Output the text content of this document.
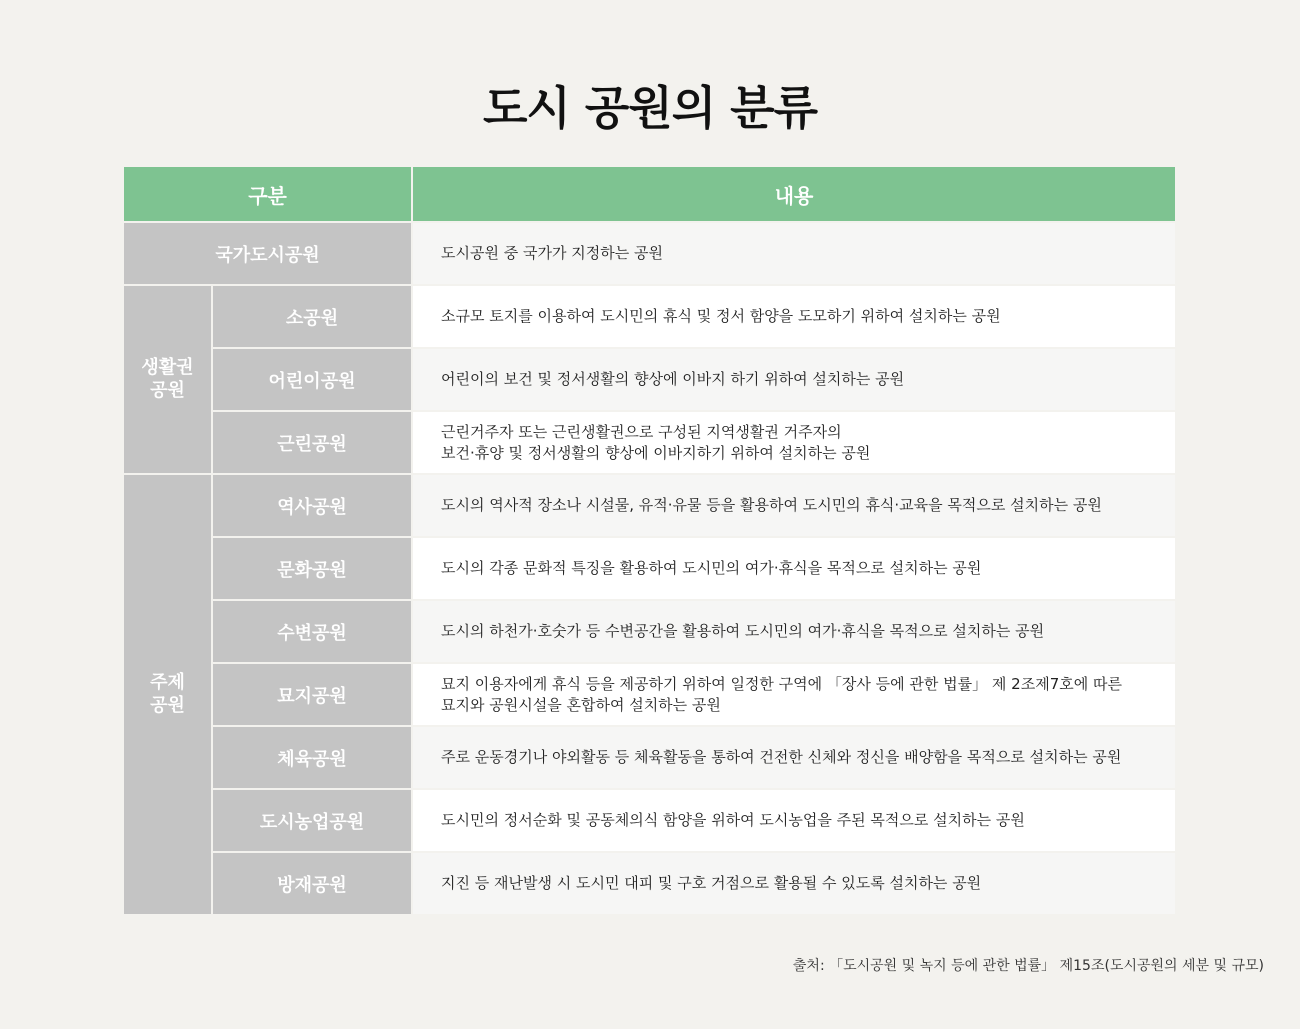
도시 공원의 분류
구분		내용
국가도시공원		도시공원 중 국가가 지정하는 공원
생활권
공원	소공원	소규모 토지를 이용하여 도시민의 휴식 및 정서 함양을 도모하기 위하여 설치하는 공원
	어린이공원	어린이의 보건 및 정서생활의 향상에 이바지 하기 위하여 설치하는 공원
	근린공원	근린거주자 또는 근린생활권으로 구성된 지역생활권 거주자의
보건·휴양 및 정서생활의 향상에 이바지하기 위하여 설치하는 공원
주제
공원	역사공원	도시의 역사적 장소나 시설물, 유적·유물 등을 활용하여 도시민의 휴식·교육을 목적으로 설치하는 공원
	문화공원	도시의 각종 문화적 특징을 활용하여 도시민의 여가·휴식을 목적으로 설치하는 공원
	수변공원	도시의 하천가·호숫가 등 수변공간을 활용하여 도시민의 여가·휴식을 목적으로 설치하는 공원
	묘지공원	묘지 이용자에게 휴식 등을 제공하기 위하여 일정한 구역에 「장사 등에 관한 법률」 제 2조제7호에 따른
묘지와 공원시설을 혼합하여 설치하는 공원
	체육공원	주로 운동경기나 야외활동 등 체육활동을 통하여 건전한 신체와 정신을 배양함을 목적으로 설치하는 공원
	도시농업공원	도시민의 정서순화 및 공동체의식 함양을 위하여 도시농업을 주된 목적으로 설치하는 공원
	방재공원	지진 등 재난발생 시 도시민 대피 및 구호 거점으로 활용될 수 있도록 설치하는 공원
출처: 「도시공원 및 녹지 등에 관한 법률」 제15조(도시공원의 세분 및 규모)
